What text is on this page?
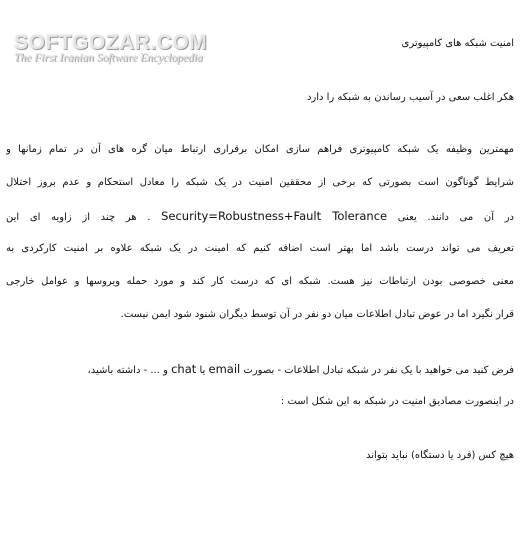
SOFTGOZAR.COM
The First Iranian Software Encyclopedia

امنیت شبکه های کامپیوتری

هکر اغلب سعی در آسیب رساندن به شبکه را دارد

مهمترین وظیفه یک شبکه کامپیوتری فراهم سازی امکان برقراری ارتباط میان گره های آن در تمام زمانها و

شرایط گوناگون است بصورتی که برخی از محققین امنیت در یک شبکه را معادل استحکام و عدم بروز اختلال

در آن می دانند. یعنی Security=Robustness+Fault Tolerance . هر چند از زاویه ای این

تعریف می تواند درست باشد اما بهتر است اضافه کنیم که امینت در یک شبکه علاوه بر امنیت کارکردی به

معنی خصوصی بودن ارتباطات نیز هست. شبکه ای که درست کار کند و مورد حمله ویروسها و عوامل خارجی

قرار نگیرد اما در عوض تبادل اطلاعات میان دو نفر در آن توسط دیگران شنود شود ایمن نیست.

فرض کنید می خواهید با یک نفر در شبکه تبادل اطلاعات - بصورت email یا chat و ... - داشته باشید،

در اینصورت مصادیق امنیت در شبکه به این شکل است :

هیچ کس (فرد یا دستگاه) نباید بتواند
